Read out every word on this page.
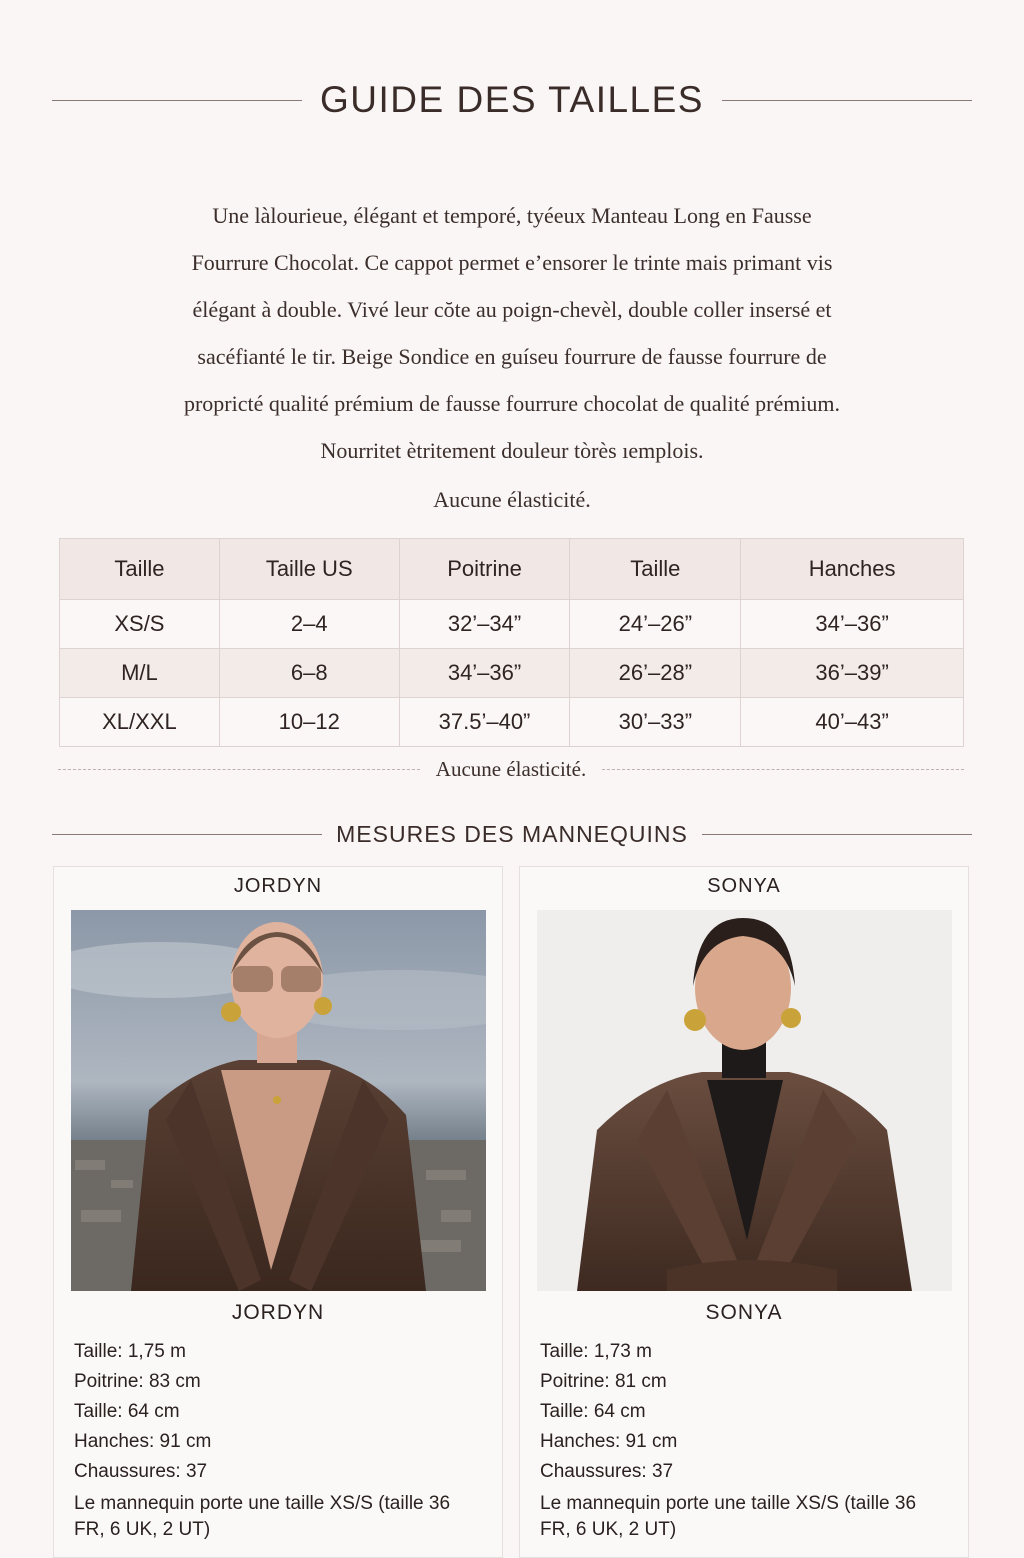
GUIDE DES TAILLES

Une làlourieue, élégant et temporé, tyéeux Manteau Long en Fausse

Fourrure Chocolat. Ce cappot permet e’ensorer le trinte mais primant vis

élégant à double. Vivé leur cŏte au poign-chevèl, double coller insersé et

sacéfianté le tir. Beige Sondice en guíseu fourrure de fausse fourrure de

propricté qualité prémium de fausse fourrure chocolat de qualité prémium.

Nourritet ètritement douleur tòrès ıemplois.

Aucune élasticité.

Taille	Taille US	Poitrine	Taille	Hanches
XS/S	2–4	32’–34”	24’–26”	34’–36”
M/L	6–8	34’–36”	26’–28”	36’–39”
XL/XXL	10–12	37.5’–40”	30’–33”	40’–43”
Aucune élasticité.
MESURES DES MANNEQUINS
JORDYN
JORDYN
Taille: 1,75 m
Poitrine: 83 cm
Taille: 64 cm
Hanches: 91 cm
Chaussures: 37
Le mannequin porte une taille XS/S (taille 36 FR, 6 UK, 2 UT)
SONYA
SONYA
Taille: 1,73 m
Poitrine: 81 cm
Taille: 64 cm
Hanches: 91 cm
Chaussures: 37
Le mannequin porte une taille XS/S (taille 36 FR, 6 UK, 2 UT)
